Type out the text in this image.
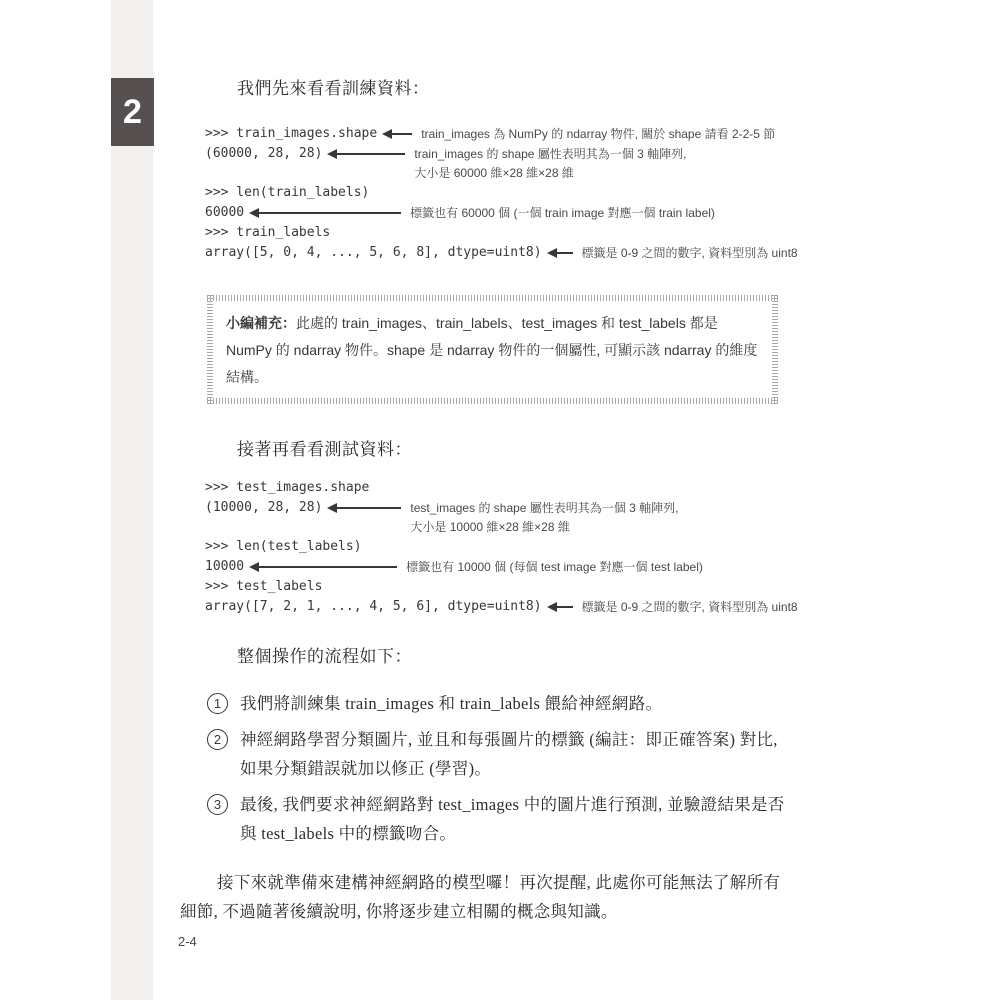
2

我們先來看看訓練資料：

>>> train_images.shape	train_images 為 NumPy 的 ndarray 物件, 關於 shape 請看 2-2-5 節
(60000, 28, 28)	train_images 的 shape 屬性表明其為一個 3 軸陣列,
大小是 60000 維×28 維×28 維
>>> len(train_labels)
60000	標籤也有 60000 個 (一個 train image 對應一個 train label)
>>> train_labels
array([5, 0, 4, ..., 5, 6, 8], dtype=uint8)	標籤是 0-9 之間的數字, 資料型別為 uint8
小編補充：此處的 train_images、train_labels、test_images 和 test_labels 都是 NumPy 的 ndarray 物件。shape 是 ndarray 物件的一個屬性, 可顯示該 ndarray 的維度結構。

接著再看看測試資料：

>>> test_images.shape
(10000, 28, 28)	test_images 的 shape 屬性表明其為一個 3 軸陣列,
大小是 10000 維×28 維×28 維
>>> len(test_labels)
10000	標籤也有 10000 個 (每個 test image 對應一個 test label)
>>> test_labels
array([7, 2, 1, ..., 4, 5, 6], dtype=uint8)	標籤是 0-9 之間的數字, 資料型別為 uint8

整個操作的流程如下：

1	我們將訓練集 train_images 和 train_labels 餵給神經網路。
2	神經網路學習分類圖片, 並且和每張圖片的標籤 (編註：即正確答案) 對比, 如果分類錯誤就加以修正 (學習)。
3	最後, 我們要求神經網路對 test_images 中的圖片進行預測, 並驗證結果是否與 test_labels 中的標籤吻合。

接下來就準備來建構神經網路的模型囉！再次提醒, 此處你可能無法了解所有細節, 不過隨著後續說明, 你將逐步建立相關的概念與知識。

2-4
